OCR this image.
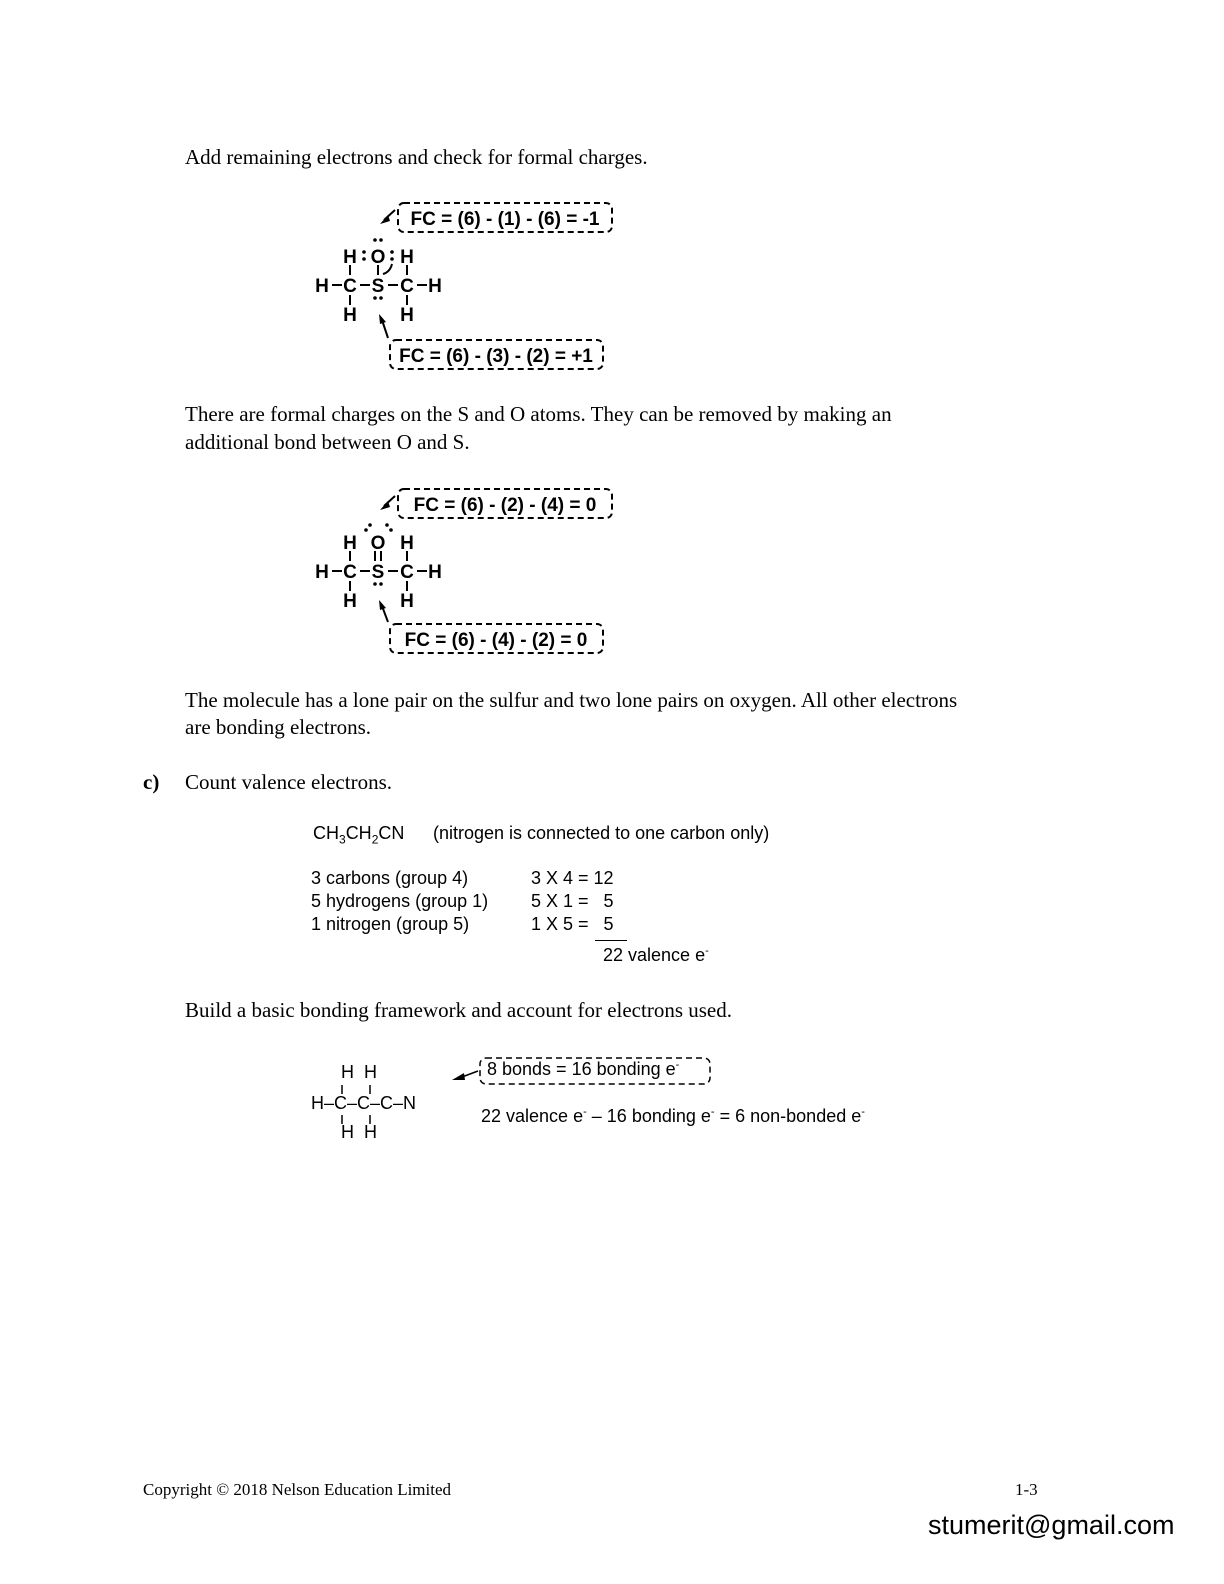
Add remaining electrons and check for formal charges.
H O H
H C S C H
H H
FC = (6) - (1) - (6) = -1
FC = (6) - (3) - (2) = +1
There are formal charges on the S and O atoms. They can be removed by making an
additional bond between O and S.
H O H
H C S C H
H H
FC = (6) - (2) - (4) = 0
FC = (6) - (4) - (2) = 0
The molecule has a lone pair on the sulfur and two lone pairs on oxygen. All other electrons
are bonding electrons.
c) Count valence electrons.
$CH_3CH_2CN$ (nitrogen is connected to one carbon only)
3 carbons (group 4)	3 X 4 = 12
5 hydrogens (group 1) 5 X 1 =   5
1 nitrogen (group 5)	1 X 5 =   5
22 valence e-
Build a basic bonding framework and account for electrons used.
H  H
H–C–C–C–N
H  H
8 bonds = 16 bonding e-
22 valence e- – 16 bonding e- = 6 non-bonded e-
Copyright © 2018 Nelson Education Limited	1-3
stumerit@gmail.com
